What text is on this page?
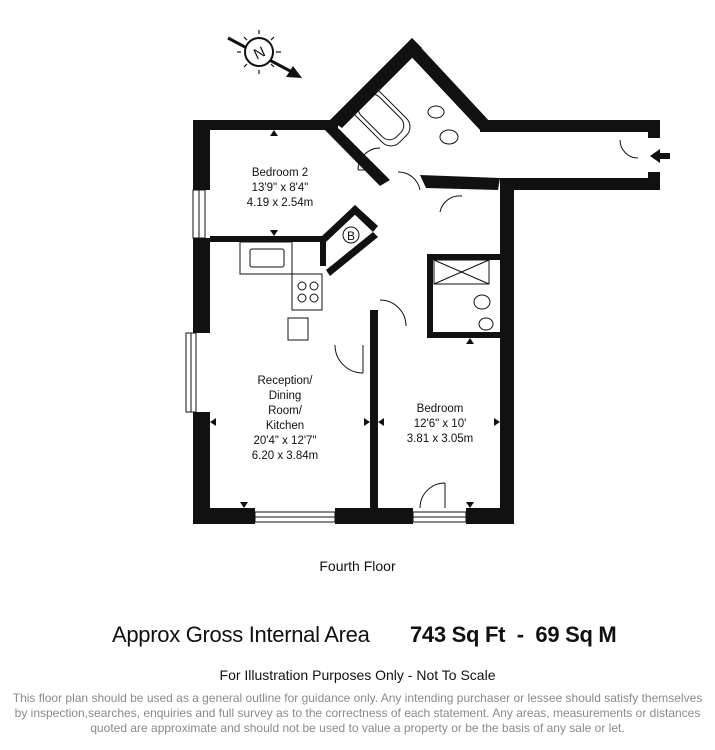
N
B
Bedroom 2
13'9" x 8'4"
4.19 x 2.54m
Reception/
Dining
Room/
Kitchen
20'4" x 12'7"
6.20 x 3.84m
Bedroom
12'6" x 10'
3.81 x 3.05m
Fourth Floor
Approx Gross Internal Area 743 Sq Ft  -  69 Sq M
For Illustration Purposes Only - Not To Scale
This floor plan should be used as a general outline for guidance only. Any intending purchaser or lessee should satisfy themselves by inspection,searches, enquiries and full survey as to the correctness of each statement. Any areas, measurements or distances quoted are approximate and should not be used to value a property or be the basis of any sale or let.
